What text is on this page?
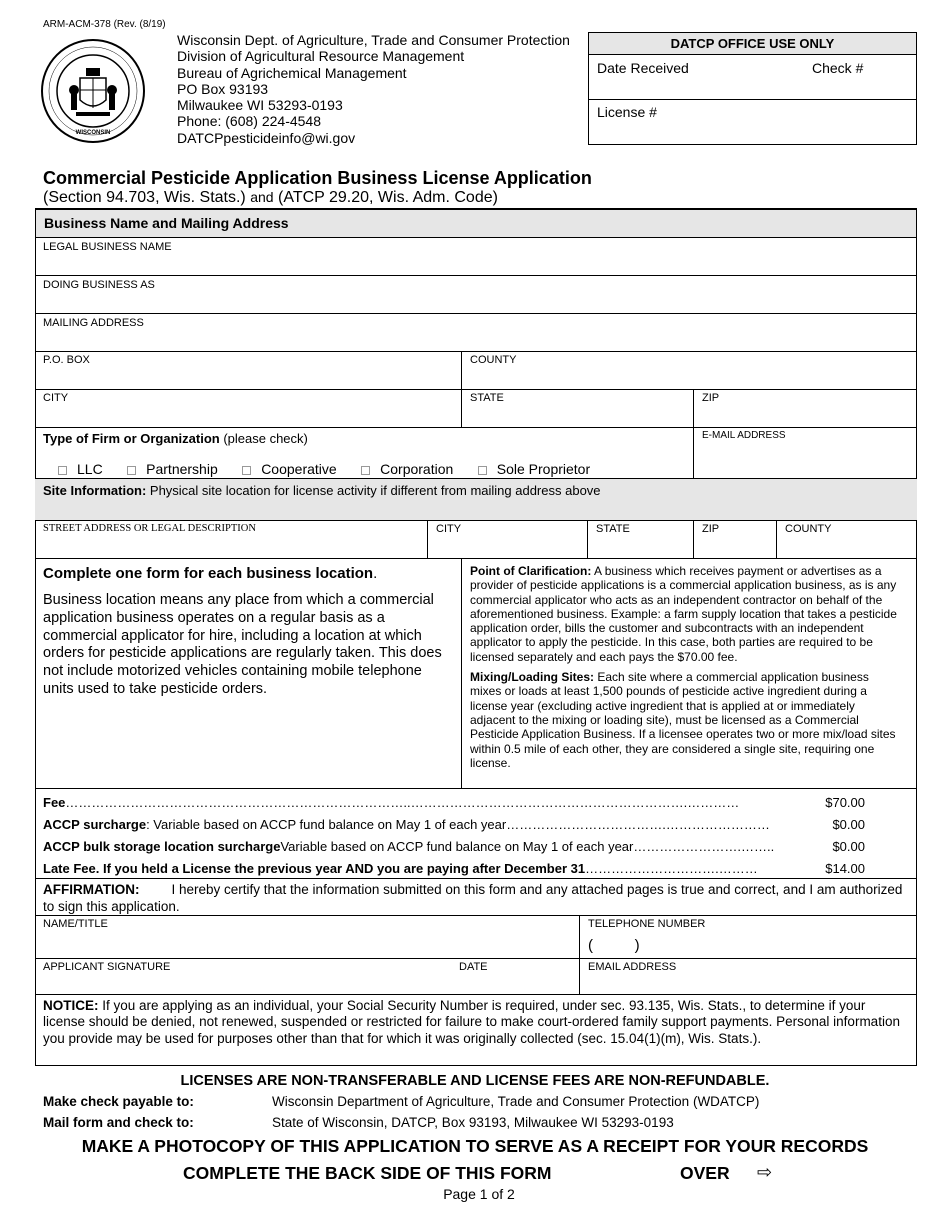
ARM-ACM-378 (Rev. (8/19)
WISCONSIN
Wisconsin Dept. of Agriculture, Trade and Consumer Protection
Division of Agricultural Resource Management
Bureau of Agrichemical Management
PO Box 93193
Milwaukee WI 53293-0193
Phone: (608) 224-4548
DATCPpesticideinfo@wi.gov
DATCP OFFICE USE ONLY
Date Received	Check #
License #
Commercial Pesticide Application Business License Application
(Section 94.703, Wis. Stats.) and (ATCP 29.20, Wis. Adm. Code)
Business Name and Mailing Address
LEGAL BUSINESS NAME
DOING BUSINESS AS
MAILING ADDRESS
P.O. BOX	COUNTY
CITY	STATE	ZIP
Type of Firm or Organization (please check)
LLC	Partnership	Cooperative	Corporation	Sole Proprietor
E-MAIL ADDRESS
Site Information: Physical site location for license activity if different from mailing address above
STREET ADDRESS OR LEGAL DESCRIPTION	CITY	STATE	ZIP	COUNTY
Complete one form for each business location.
Business location means any place from which a commercial application business operates on a regular basis as a commercial applicator for hire, including a location at which orders for pesticide applications are regularly taken. This does not include motorized vehicles containing mobile telephone units used to take pesticide orders.
Point of Clarification: A business which receives payment or advertises as a provider of pesticide applications is a commercial application business, as is any commercial applicator who acts as an independent contractor on behalf of the aforementioned business. Example: a farm supply location that takes a pesticide application order, bills the customer and subcontracts with an independent applicator to apply the pesticide. In this case, both parties are required to be licensed separately and each pays the $70.00 fee.
Mixing/Loading Sites: Each site where a commercial application business mixes or loads at least 1,500 pounds of pesticide active ingredient during a license year (excluding active ingredient that is applied at or immediately adjacent to the mixing or loading site), must be licensed as a Commercial Pesticide Application Business. If a licensee operates two or more mix/load sites within 0.5 mile of each other, they are considered a single site, requiring one license.
Fee ……………………………………………………………………..……………………………………………………….…………	$70.00
ACCP surcharge : Variable based on ACCP fund balance on May 1 of each year ……………………………….……………………	$0.00
ACCP bulk storage location surcharge Variable based on ACCP fund balance on May 1 of each year …………………….……..	$0.00
Late Fee. If you held a License the previous year AND you are paying after December 31 ………………………….………	$14.00
AFFIRMATION: I hereby certify that the information submitted on this form and any attached pages is true and correct, and I am authorized to sign this application.
NAME/TITLE	TELEPHONE NUMBER
(          )
APPLICANT SIGNATURE	DATE	EMAIL ADDRESS
NOTICE: If you are applying as an individual, your Social Security Number is required, under sec. 93.135, Wis. Stats., to determine if your license should be denied, not renewed, suspended or restricted for failure to make court-ordered family support payments. Personal information you provide may be used for purposes other than that for which it was originally collected (sec. 15.04(1)(m), Wis. Stats.).
LICENSES ARE NON-TRANSFERABLE AND LICENSE FEES ARE NON-REFUNDABLE.
Make check payable to:	Wisconsin Department of Agriculture, Trade and Consumer Protection (WDATCP)
Mail form and check to:	State of Wisconsin, DATCP, Box 93193, Milwaukee WI 53293-0193
MAKE A PHOTOCOPY OF THIS APPLICATION TO SERVE AS A RECEIPT FOR YOUR RECORDS
COMPLETE THE BACK SIDE OF THIS FORM	OVER ⇨
Page 1 of 2
